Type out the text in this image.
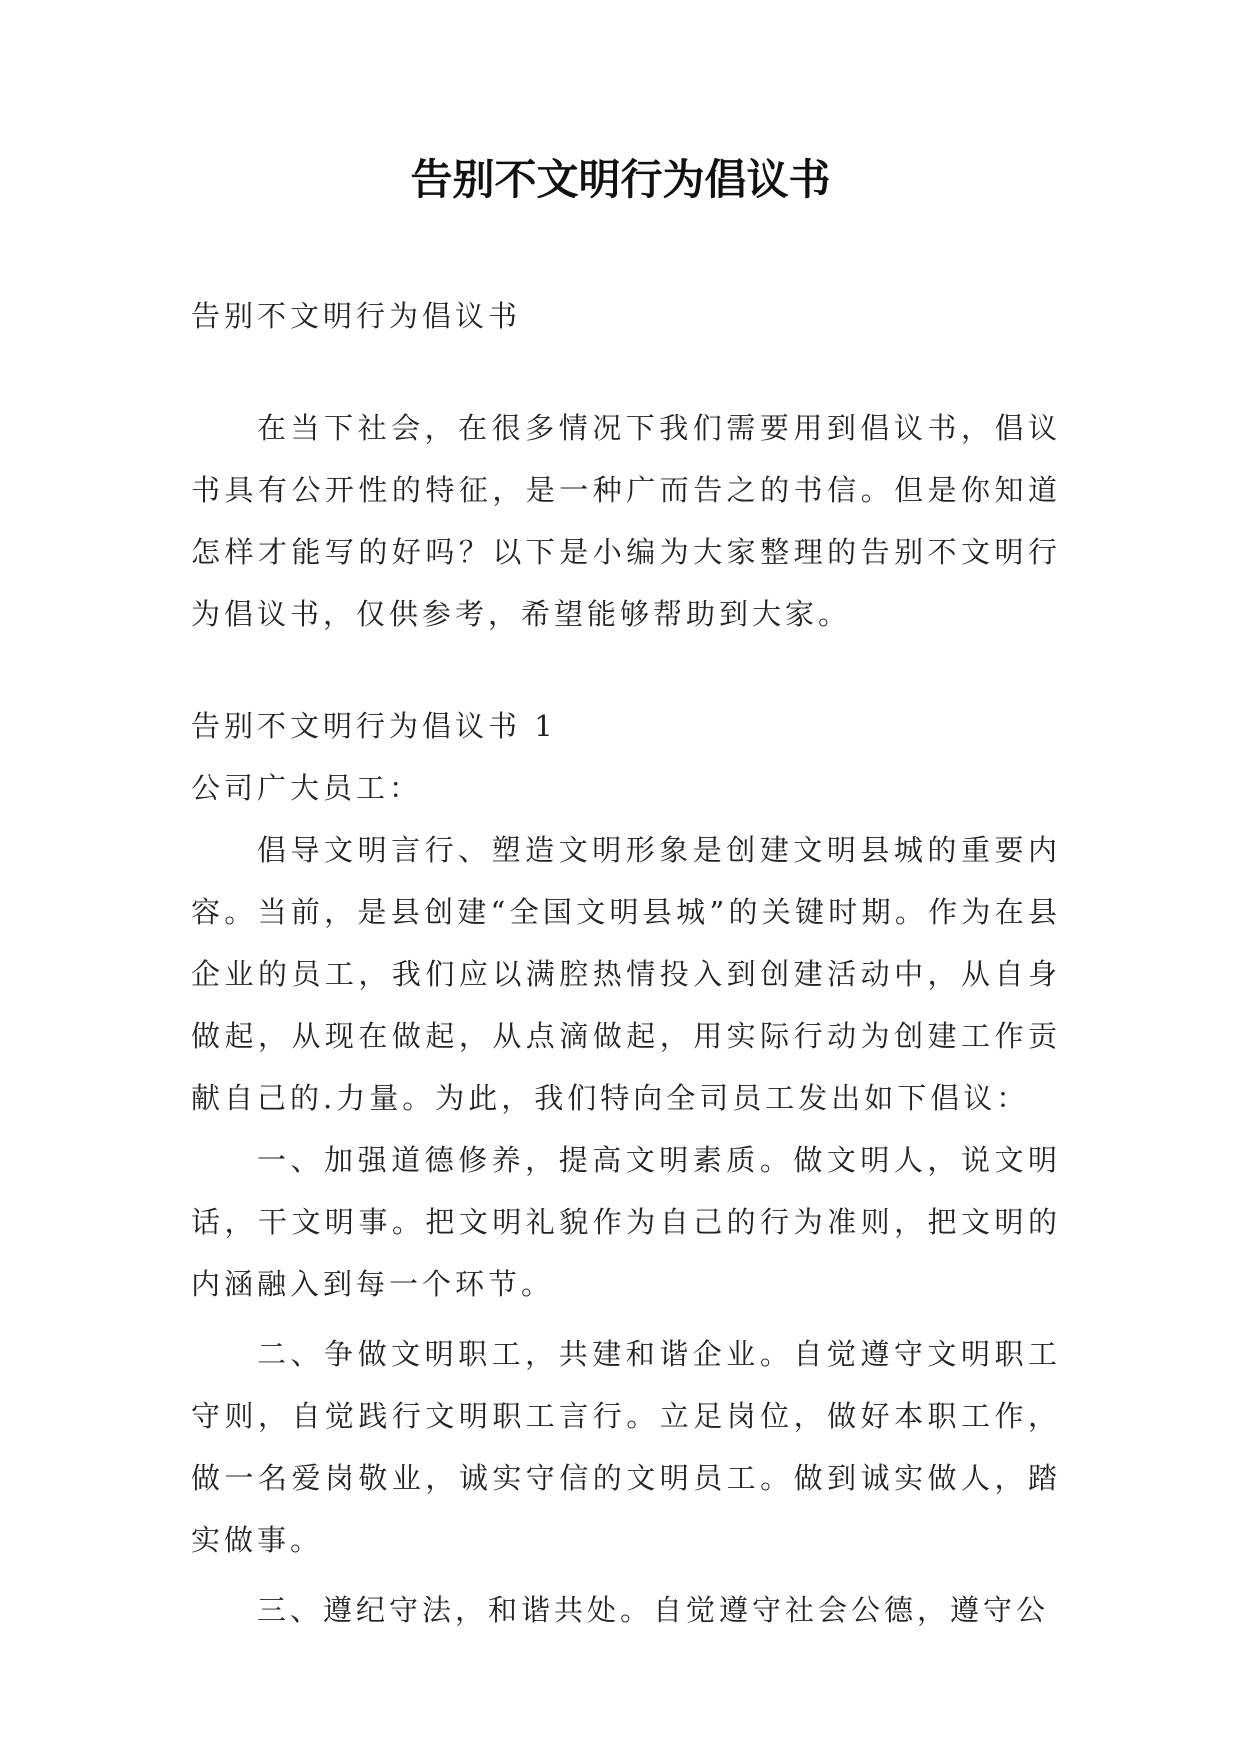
告别不文明行为倡议书

告别不文明行为倡议书

在当下社会，在很多情况下我们需要用到倡议书，倡议书具有公开性的特征，是一种广而告之的书信。但是你知道怎样才能写的好吗？以下是小编为大家整理的告别不文明行为倡议书，仅供参考，希望能够帮助到大家。

告别不文明行为倡议书 1

公司广大员工：

倡导文明言行、塑造文明形象是创建文明县城的重要内容。当前，是县创建“全国文明县城”的关键时期。作为在县企业的员工，我们应以满腔热情投入到创建活动中，从自身做起，从现在做起，从点滴做起，用实际行动为创建工作贡献自己的.力量。为此，我们特向全司员工发出如下倡议：

一、加强道德修养，提高文明素质。做文明人，说文明话，干文明事。把文明礼貌作为自己的行为准则，把文明的内涵融入到每一个环节。

二、争做文明职工，共建和谐企业。自觉遵守文明职工守则，自觉践行文明职工言行。立足岗位，做好本职工作，做一名爱岗敬业，诚实守信的文明员工。做到诚实做人，踏实做事。

三、遵纪守法，和谐共处。自觉遵守社会公德，遵守公
